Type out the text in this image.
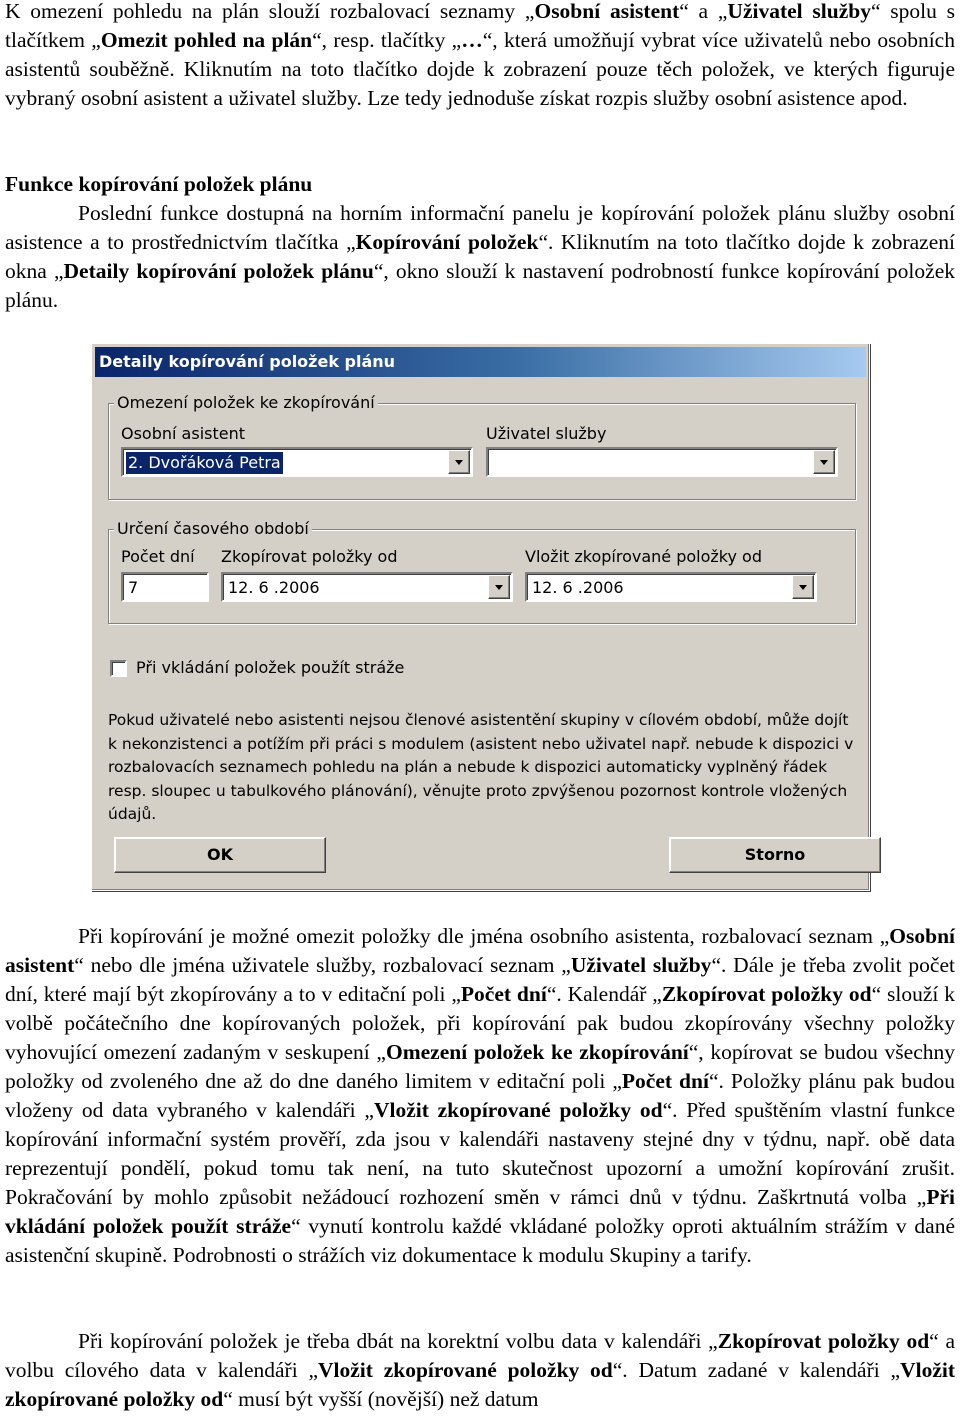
K omezení pohledu na plán slouží rozbalovací seznamy „Osobní asistent“ a „Uživatel služby“ spolu s tlačítkem „Omezit pohled na plán“, resp. tlačítky „…“, která umožňují vybrat více uživatelů nebo osobních asistentů souběžně. Kliknutím na toto tlačítko dojde k zobrazení pouze těch položek, ve kterých figuruje vybraný osobní asistent a uživatel služby. Lze tedy jednoduše získat rozpis služby osobní asistence apod.
Funkce kopírování položek plánu
Poslední funkce dostupná na horním informační panelu je kopírování položek plánu služby osobní asistence a to prostřednictvím tlačítka „Kopírování položek“. Kliknutím na toto tlačítko dojde k zobrazení okna „Detaily kopírování položek plánu“, okno slouží k nastavení podrobností funkce kopírování položek plánu.
Detaily kopírování položek plánu
Omezení položek ke zkopírování
Osobní asistent
2. Dvořáková Petra
Uživatel služby
Určení časového období
Počet dní
7
Zkopírovat položky od
12. 6 .2006
Vložit zkopírované položky od
12. 6 .2006
Při vkládání položek použít stráže
Pokud uživatelé nebo asistenti nejsou členové asistentění skupiny v cílovém období, může dojít k nekonzistenci a potížím při práci s modulem (asistent nebo uživatel např. nebude k dispozici v rozbalovacích seznamech pohledu na plán a nebude k dispozici automaticky vyplněný řádek resp. sloupec u tabulkového plánování), věnujte proto zpvýšenou pozornost kontrole vložených údajů.
OK	Storno
Při kopírování je možné omezit položky dle jména osobního asistenta, rozbalovací seznam „Osobní asistent“ nebo dle jména uživatele služby, rozbalovací seznam „Uživatel služby“. Dále je třeba zvolit počet dní, které mají být zkopírovány a to v editační poli „Počet dní“. Kalendář „Zkopírovat položky od“ slouží k volbě počátečního dne kopírovaných položek, při kopírování pak budou zkopírovány všechny položky vyhovující omezení zadaným v seskupení „Omezení položek ke zkopírování“, kopírovat se budou všechny položky od zvoleného dne až do dne daného limitem v editační poli „Počet dní“. Položky plánu pak budou vloženy od data vybraného v kalendáři „Vložit zkopírované položky od“. Před spuštěním vlastní funkce kopírování informační systém prověří, zda jsou v kalendáři nastaveny stejné dny v týdnu, např. obě data reprezentují pondělí, pokud tomu tak není, na tuto skutečnost upozorní a umožní kopírování zrušit. Pokračování by mohlo způsobit nežádoucí rozhození směn v rámci dnů v týdnu. Zaškrtnutá volba „Při vkládání položek použít stráže“ vynutí kontrolu každé vkládané položky oproti aktuálním strážím v dané asistenční skupině. Podrobnosti o strážích viz dokumentace k modulu Skupiny a tarify.
Při kopírování položek je třeba dbát na korektní volbu data v kalendáři „Zkopírovat položky od“ a volbu cílového data v kalendáři „Vložit zkopírované položky od“. Datum zadané v kalendáři „Vložit zkopírované položky od“ musí být vyšší (novější) než datum
